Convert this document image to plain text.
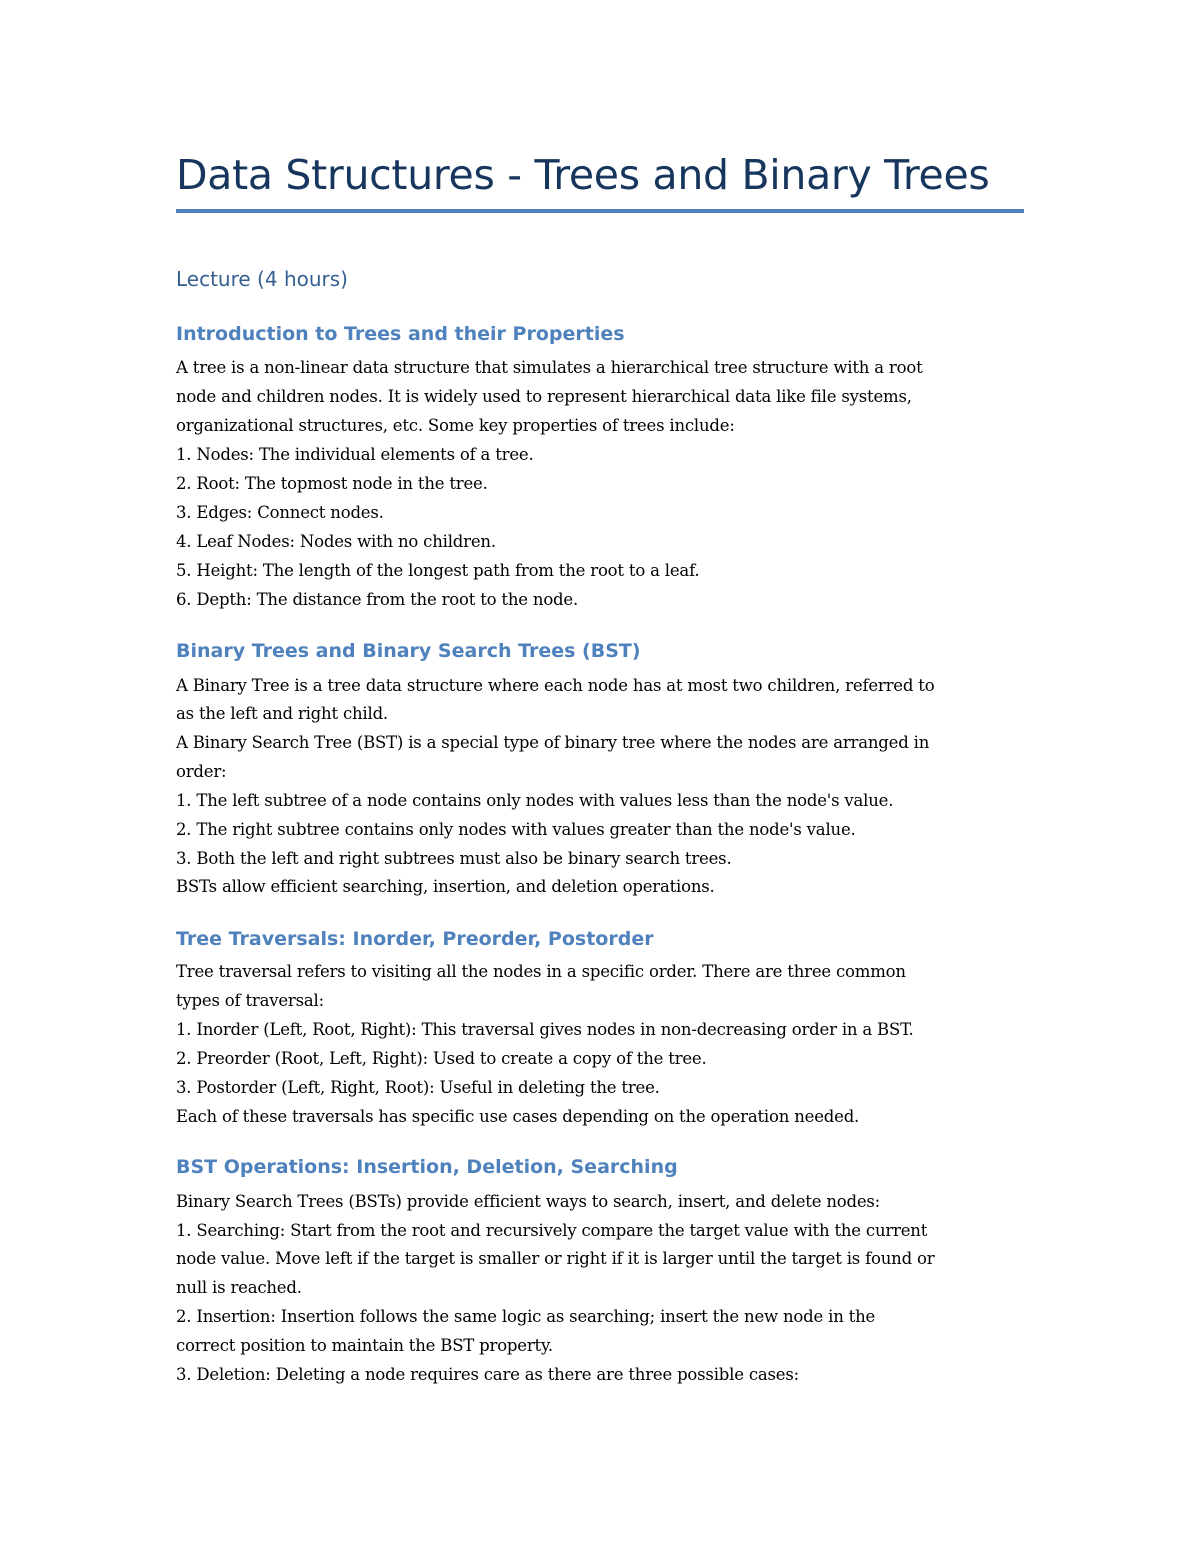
Data Structures - Trees and Binary Trees
Lecture (4 hours)
Introduction to Trees and their Properties
A tree is a non-linear data structure that simulates a hierarchical tree structure with a root
node and children nodes. It is widely used to represent hierarchical data like file systems,
organizational structures, etc. Some key properties of trees include:
1. Nodes: The individual elements of a tree.
2. Root: The topmost node in the tree.
3. Edges: Connect nodes.
4. Leaf Nodes: Nodes with no children.
5. Height: The length of the longest path from the root to a leaf.
6. Depth: The distance from the root to the node.
Binary Trees and Binary Search Trees (BST)
A Binary Tree is a tree data structure where each node has at most two children, referred to
as the left and right child.
A Binary Search Tree (BST) is a special type of binary tree where the nodes are arranged in
order:
1. The left subtree of a node contains only nodes with values less than the node's value.
2. The right subtree contains only nodes with values greater than the node's value.
3. Both the left and right subtrees must also be binary search trees.
BSTs allow efficient searching, insertion, and deletion operations.
Tree Traversals: Inorder, Preorder, Postorder
Tree traversal refers to visiting all the nodes in a specific order. There are three common
types of traversal:
1. Inorder (Left, Root, Right): This traversal gives nodes in non-decreasing order in a BST.
2. Preorder (Root, Left, Right): Used to create a copy of the tree.
3. Postorder (Left, Right, Root): Useful in deleting the tree.
Each of these traversals has specific use cases depending on the operation needed.
BST Operations: Insertion, Deletion, Searching
Binary Search Trees (BSTs) provide efficient ways to search, insert, and delete nodes:
1. Searching: Start from the root and recursively compare the target value with the current
node value. Move left if the target is smaller or right if it is larger until the target is found or
null is reached.
2. Insertion: Insertion follows the same logic as searching; insert the new node in the
correct position to maintain the BST property.
3. Deletion: Deleting a node requires care as there are three possible cases:
